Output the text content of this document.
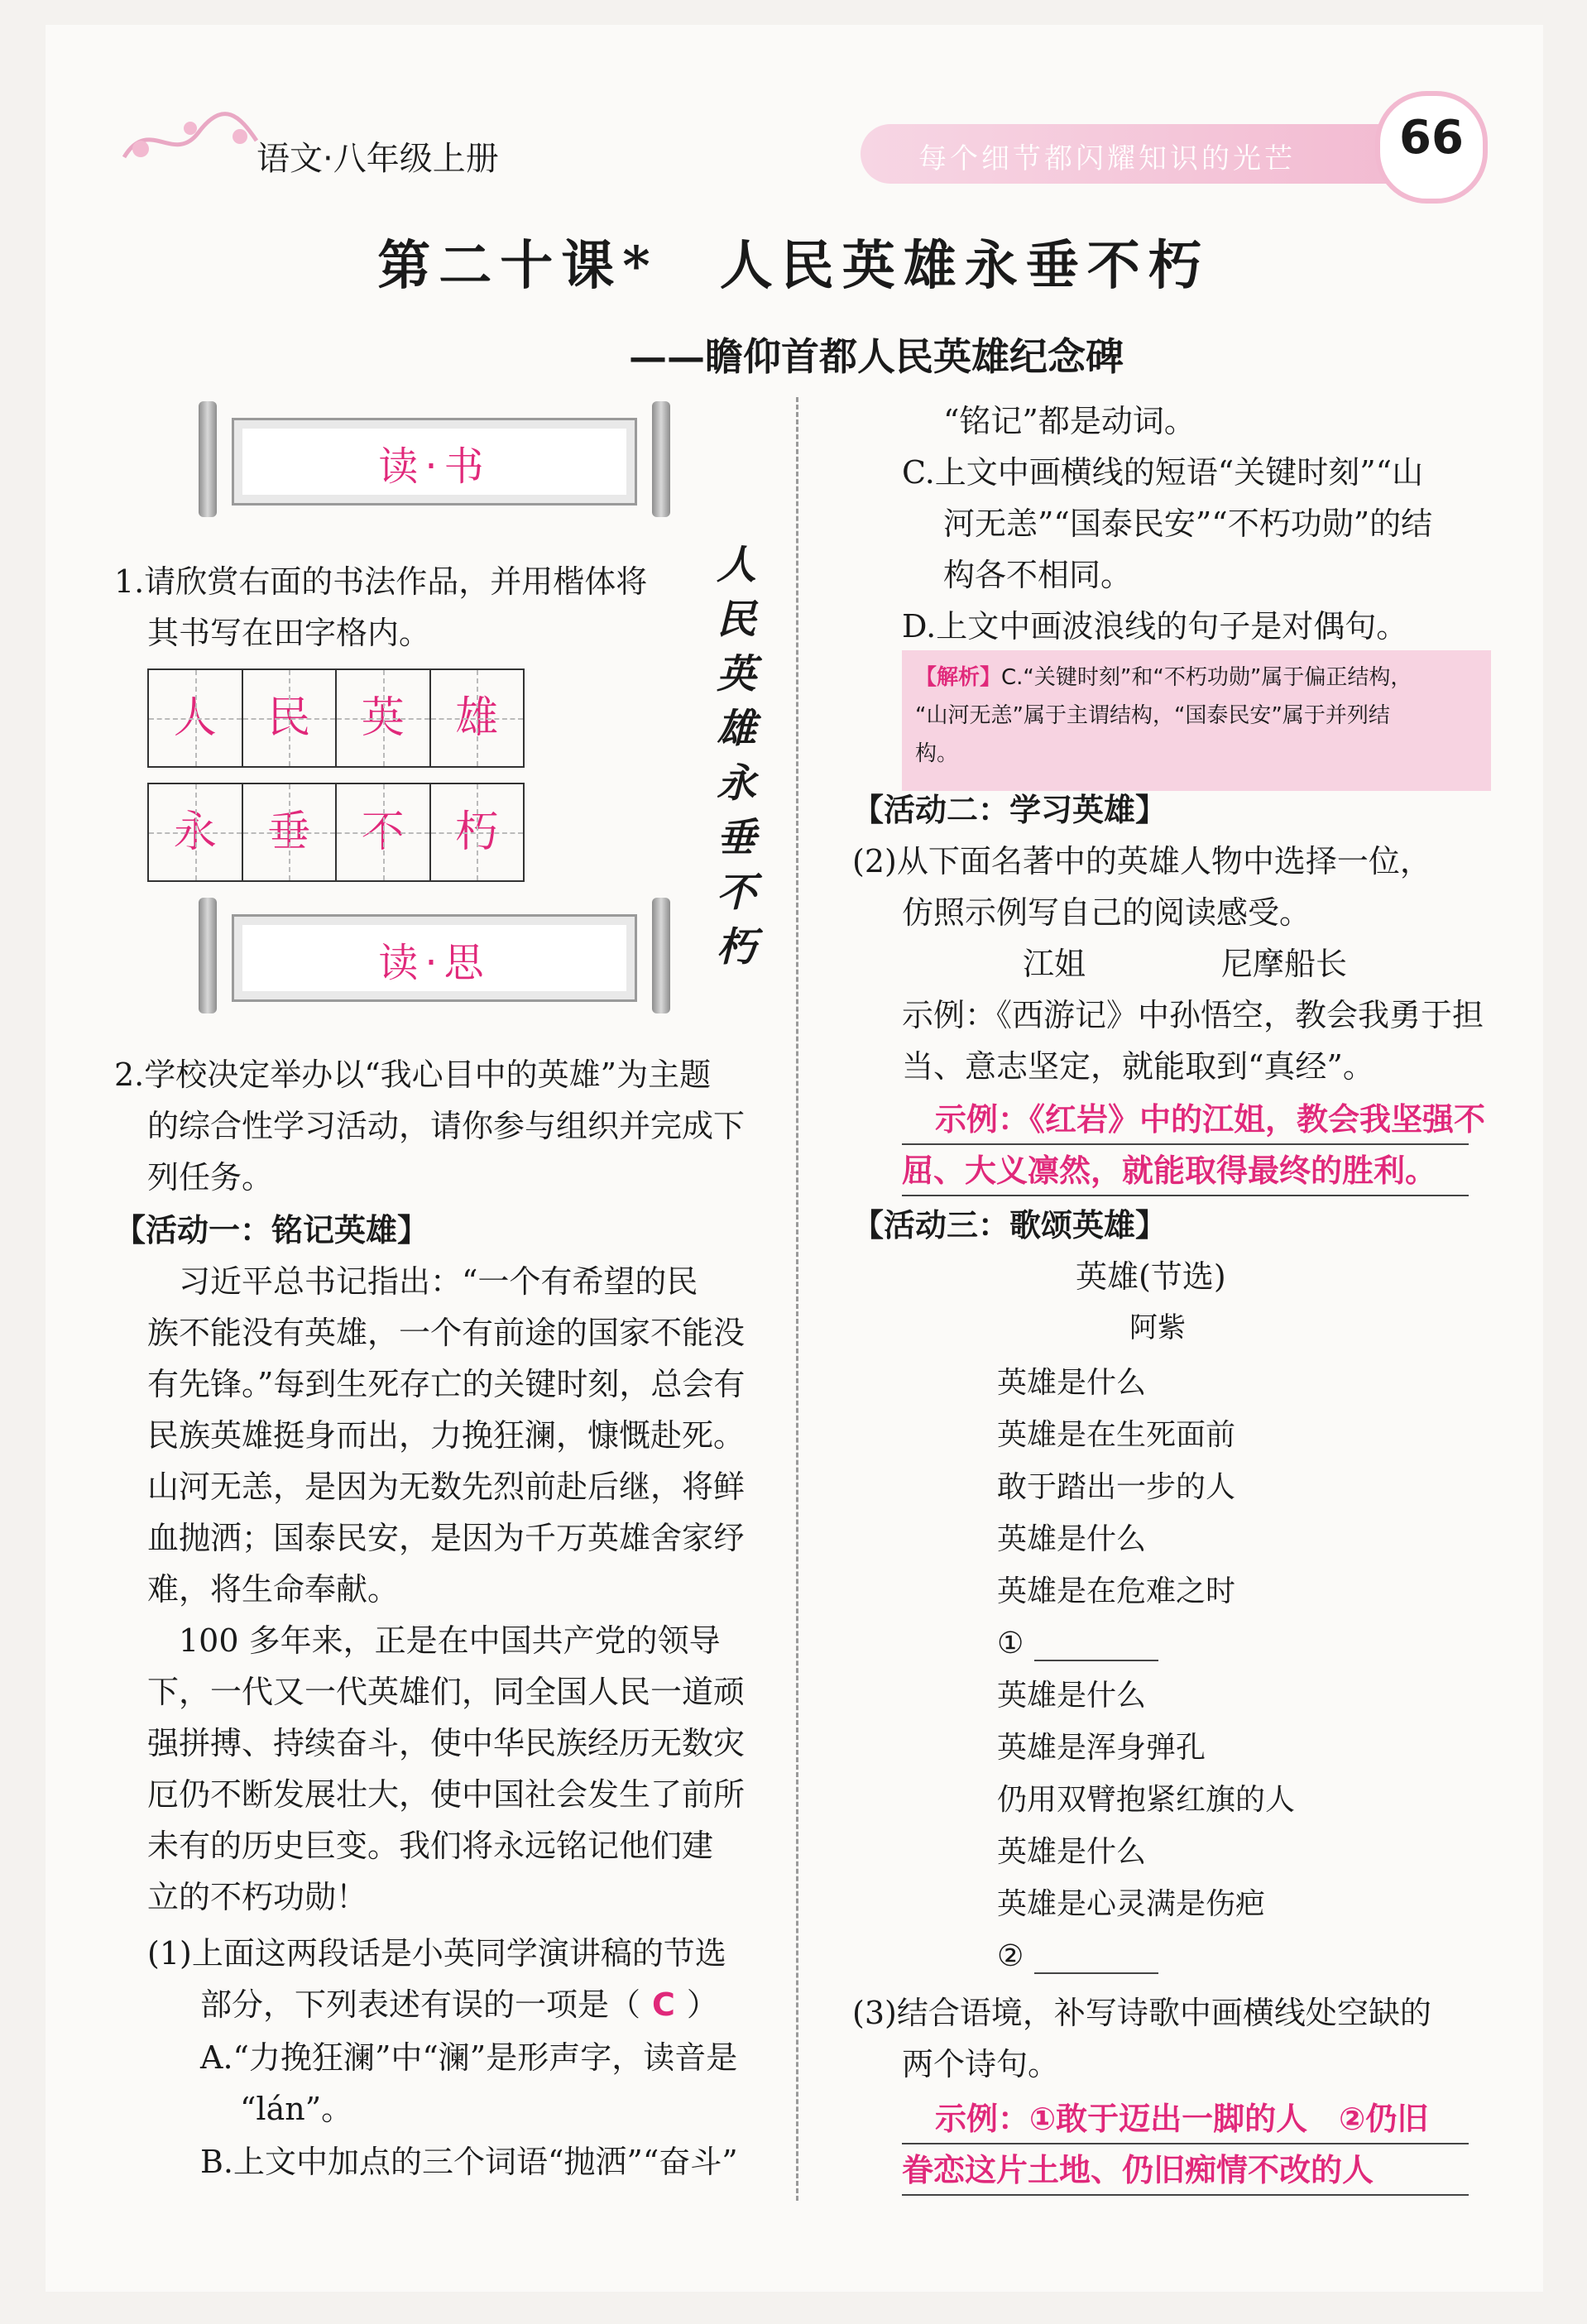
语文·八年级上册	每个细节都闪耀知识的光芒	66
第二十课*　人民英雄永垂不朽
——瞻仰首都人民英雄纪念碑
读·书
1.请欣赏右面的书法作品，并用楷体将
其书写在田字格内。
人	民	英	雄
永	垂	不	朽
人
民
英
雄
永
垂
不
朽
读·思
2.学校决定举办以“我心目中的英雄”为主题
的综合性学习活动，请你参与组织并完成下
列任务。
【活动一：铭记英雄】
　习近平总书记指出：“一个有希望的民
族不能没有英雄，一个有前途的国家不能没
有先锋。”每到生死存亡的关键时刻，总会有
民族英雄挺身而出，力挽狂澜，慷慨赴死。
山河无恙，是因为无数先烈前赴后继，将鲜
血抛洒；国泰民安，是因为千万英雄舍家纾
难，将生命奉献。
　100 多年来，正是在中国共产党的领导
下，一代又一代英雄们，同全国人民一道顽
强拼搏、持续奋斗，使中华民族经历无数灾
厄仍不断发展壮大，使中国社会发生了前所
未有的历史巨变。我们将永远铭记他们建
立的不朽功勋！
(1)上面这两段话是小英同学演讲稿的节选
部分，下列表述有误的一项是（ C ）
A.“力挽狂澜”中“澜”是形声字，读音是
“lán”。
B.上文中加点的三个词语“抛洒”“奋斗”
“铭记”都是动词。
C.上文中画横线的短语“关键时刻”“山
河无恙”“国泰民安”“不朽功勋”的结
构各不相同。
D.上文中画波浪线的句子是对偶句。
【解析】C.“关键时刻”和“不朽功勋”属于偏正结构，
“山河无恙”属于主谓结构，“国泰民安”属于并列结
构。
【活动二：学习英雄】
(2)从下面名著中的英雄人物中选择一位，
仿照示例写自己的阅读感受。
江姐	尼摩船长
示例：《西游记》中孙悟空，教会我勇于担
当、意志坚定，就能取到“真经”。
示例：《红岩》中的江姐，教会我坚强不
屈、大义凛然，就能取得最终的胜利。
【活动三：歌颂英雄】
英雄(节选)
阿紫
英雄是什么
英雄是在生死面前
敢于踏出一步的人
英雄是什么
英雄是在危难之时
①
英雄是什么
英雄是浑身弹孔
仍用双臂抱紧红旗的人
英雄是什么
英雄是心灵满是伤疤
②
(3)结合语境，补写诗歌中画横线处空缺的
两个诗句。
示例：①敢于迈出一脚的人　②仍旧
眷恋这片土地、仍旧痴情不改的人
